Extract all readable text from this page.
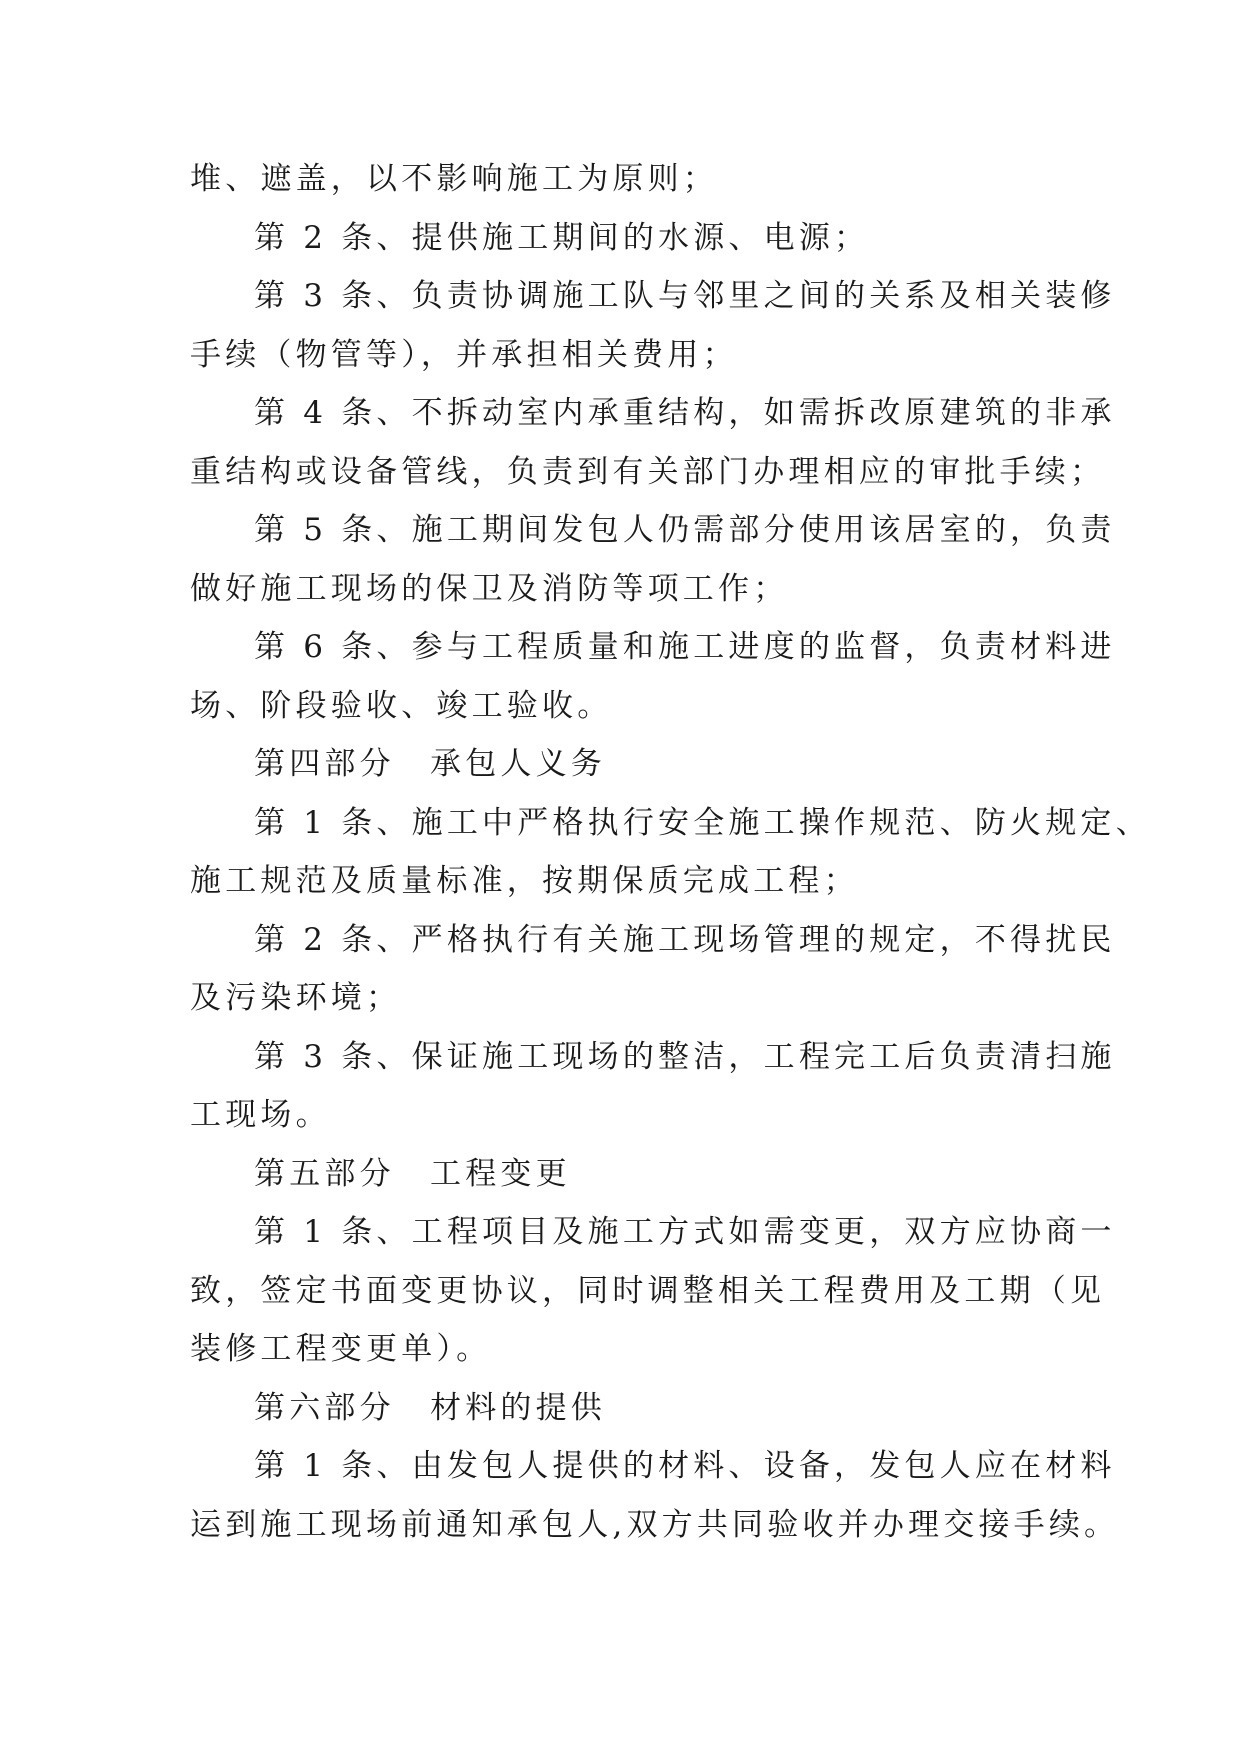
堆、遮盖，以不影响施工为原则；
第 2 条、提供施工期间的水源、电源；
第 3 条、负责协调施工队与邻里之间的关系及相关装修
手续（物管等），并承担相关费用；
第 4 条、不拆动室内承重结构，如需拆改原建筑的非承
重结构或设备管线，负责到有关部门办理相应的审批手续；
第 5 条、施工期间发包人仍需部分使用该居室的，负责
做好施工现场的保卫及消防等项工作；
第 6 条、参与工程质量和施工进度的监督，负责材料进
场、阶段验收、竣工验收。
第四部分　承包人义务
第 1 条、施工中严格执行安全施工操作规范、防火规定、
施工规范及质量标准，按期保质完成工程；
第 2 条、严格执行有关施工现场管理的规定，不得扰民
及污染环境；
第 3 条、保证施工现场的整洁，工程完工后负责清扫施
工现场。
第五部分　工程变更
第 1 条、工程项目及施工方式如需变更，双方应协商一
致，签定书面变更协议，同时调整相关工程费用及工期（见
装修工程变更单）。
第六部分　材料的提供
第 1 条、由发包人提供的材料、设备，发包人应在材料
运到施工现场前通知承包人,双方共同验收并办理交接手续。
